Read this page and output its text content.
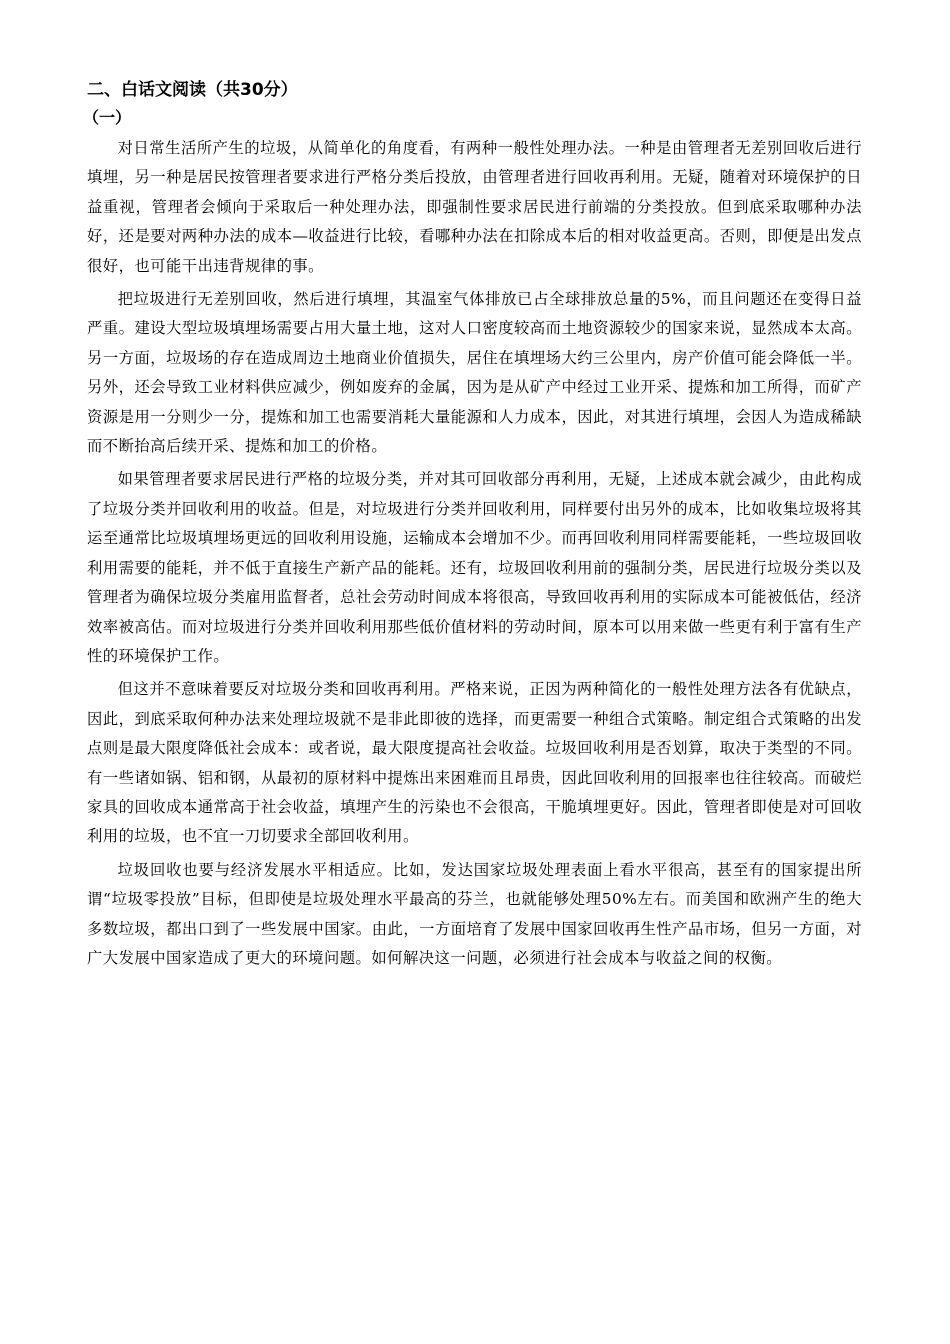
二、白话文阅读（共30分）
（一）

对日常生活所产生的垃圾，从简单化的角度看，有两种一般性处理办法。一种是由管理者无差别回收后进行填埋，另一种是居民按管理者要求进行严格分类后投放，由管理者进行回收再利用。无疑，随着对环境保护的日益重视，管理者会倾向于采取后一种处理办法，即强制性要求居民进行前端的分类投放。但到底采取哪种办法好，还是要对两种办法的成本—收益进行比较，看哪种办法在扣除成本后的相对收益更高。否则，即便是出发点很好，也可能干出违背规律的事。

把垃圾进行无差别回收，然后进行填埋，其温室气体排放已占全球排放总量的5%，而且问题还在变得日益严重。建设大型垃圾填埋场需要占用大量土地，这对人口密度较高而土地资源较少的国家来说，显然成本太高。另一方面，垃圾场的存在造成周边土地商业价值损失，居住在填埋场大约三公里内，房产价值可能会降低一半。另外，还会导致工业材料供应减少，例如废弃的金属，因为是从矿产中经过工业开采、提炼和加工所得，而矿产资源是用一分则少一分，提炼和加工也需要消耗大量能源和人力成本，因此，对其进行填埋，会因人为造成稀缺而不断抬高后续开采、提炼和加工的价格。

如果管理者要求居民进行严格的垃圾分类，并对其可回收部分再利用，无疑，上述成本就会减少，由此构成了垃圾分类并回收利用的收益。但是，对垃圾进行分类并回收利用，同样要付出另外的成本，比如收集垃圾将其运至通常比垃圾填埋场更远的回收利用设施，运输成本会增加不少。而再回收利用同样需要能耗，一些垃圾回收利用需要的能耗，并不低于直接生产新产品的能耗。还有，垃圾回收利用前的强制分类，居民进行垃圾分类以及管理者为确保垃圾分类雇用监督者，总社会劳动时间成本将很高，导致回收再利用的实际成本可能被低估，经济效率被高估。而对垃圾进行分类并回收利用那些低价值材料的劳动时间，原本可以用来做一些更有利于富有生产性的环境保护工作。

但这并不意味着要反对垃圾分类和回收再利用。严格来说，正因为两种简化的一般性处理方法各有优缺点，因此，到底采取何种办法来处理垃圾就不是非此即彼的选择，而更需要一种组合式策略。制定组合式策略的出发点则是最大限度降低社会成本：或者说，最大限度提高社会收益。垃圾回收利用是否划算，取决于类型的不同。有一些诸如锅、铝和钢，从最初的原材料中提炼出来困难而且昂贵，因此回收利用的回报率也往往较高。而破烂家具的回收成本通常高于社会收益，填埋产生的污染也不会很高，干脆填埋更好。因此，管理者即使是对可回收利用的垃圾，也不宜一刀切要求全部回收利用。

垃圾回收也要与经济发展水平相适应。比如，发达国家垃圾处理表面上看水平很高，甚至有的国家提出所谓“垃圾零投放”目标，但即使是垃圾处理水平最高的芬兰，也就能够处理50%左右。而美国和欧洲产生的绝大多数垃圾，都出口到了一些发展中国家。由此，一方面培育了发展中国家回收再生性产品市场，但另一方面，对广大发展中国家造成了更大的环境问题。如何解决这一问题，必须进行社会成本与收益之间的权衡。
